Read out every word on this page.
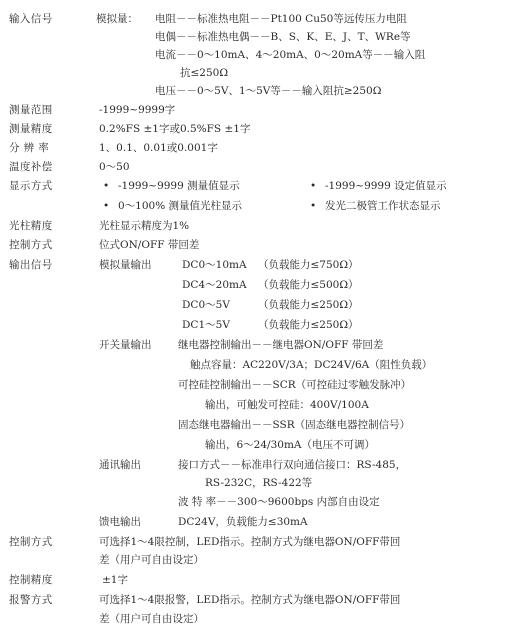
输入信号	模拟量： 电阻－－标准热电阻－－Pt100 Cu50等远传压力电阻
电偶－－标准热电偶－－B、S、K、E、J、T、WRe等
电流－－0～10mA、4～20mA、0～20mA等－－输入阻
抗≤250Ω
电压－－0～5V、1～5V等－－输入阻抗≥250Ω
测量范围	-1999~9999字
测量精度	0.2%FS ±1字或0.5%FS ±1字
分 辨 率	1、0.1、0.01或0.001字
温度补偿	0～50
显示方式	• -1999~9999 测量值显示	• -1999~9999 设定值显示
• 0～100% 测量值光柱显示	• 发光二极管工作状态显示
光柱精度	光柱显示精度为1%
控制方式	位式ON/OFF 带回差
输出信号	模拟量输出	DC0～10mA （负载能力≤750Ω）
DC4～20mA （负载能力≤500Ω）
DC0～5V	（负载能力≤250Ω）
DC1～5V	（负载能力≤250Ω）
开关量输出	继电器控制输出－－继电器ON/OFF 带回差
触点容量：AC220V/3A；DC24V/6A（阻性负载）
可控硅控制输出－－SCR（可控硅过零触发脉冲）
输出，可触发可控硅：400V/100A
固态继电器输出－－SSR（固态继电器控制信号）
输出，6～24/30mA（电压不可调）
通讯输出	接口方式－－标准串行双向通信接口：RS-485，
RS-232C，RS-422等
波 特 率－－300～9600bps 内部自由设定
馈电输出	DC24V，负载能力≤30mA
控制方式	可选择1～4限控制，LED指示。控制方式为继电器ON/OFF带回
差（用户可自由设定）
控制精度	±1字
报警方式	可选择1～4限报警，LED指示。控制方式为继电器ON/OFF带回
差（用户可自由设定）
